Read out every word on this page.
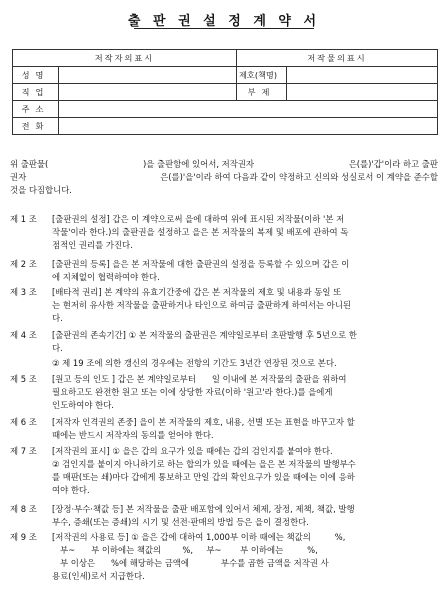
출 판 권 설 정 계 약 서
저작자의표시		저작물의표시	
성명		제호(책명)	
직업		부제	
주소			
전화			
위 출판물(	)을 출판함에 있어서, 저작권자	은(를)'갑'이라 하고 출판
권자	은(를)'을'이라 하여 다음과 같이 약정하고 신의와 성실로서 이 계약을 준수할
것을 다짐합니다.
제 1 조	[출판권의 설정] 갑은 이 계약으로써 을에 대하여 위에 표시된 저작물(이하 '본 저
작물'이라 한다.)의 출판권을 설정하고 을은 본 저작물의 복제 및 배포에 관하여 독
점적인 권리를 가진다.
제 2 조	[출판권의 등록] 을은 본 저작물에 대한 출판권의 설정을 등록할 수 있으며 갑은 이
에 지체없이 협력하여야 한다.
제 3 조	[배타적 권리] 본 계약의 유효기간중에 갑은 본 저작물의 제호 및 내용과 동일 또
는 현저히 유사한 저작물을 출판하거나 타인으로 하여금 출판하게 하여서는 아니된
다.
제 4 조	[출판권의 존속기간] ① 본 저작물의 출판권은 계약일로부터 초판발행 후 5년으로 한
다.
② 제 19 조에 의한 갱신의 경우에는 전항의 기간도 3년간 연장된 것으로 본다.
제 5 조	[원고 등의 인도 ] 갑은 본 계약일로부터      일 이내에 본 저작물의 출판을 위하여
필요하고도 완전한 원고 또는 이에 상당한 자료(이하 '원고'라 한다.)를 을에게
인도하여야 한다.
제 6 조	[저작자 인격권의 존중] 을이 본 저작물의 제호, 내용, 선별 또는 표현을 바꾸고자 할
때에는 반드시 저작자의 동의를 얻어야 한다.
제 7 조	[저작권의 표시] ① 을은 갑의 요구가 있을 때에는 갑의 검인지를 붙여야 한다.
② 검인지를 붙이지 아니하기로 하는 합의가 있을 때에는 을은 본 저작물의 발행부수
를 매판(또는 쇄)마다 갑에게 통보하고 만일 갑의 확인요구가 있을 때에는 이에 응하
여야 한다.
제 8 조	[장정·부수·책값 등] 본 저작물을 출판 배포함에 있어서 체제, 장정, 제책, 책값, 발행
부수, 증쇄(또는 증쇄)의 시기 및 선전·판매의 방법 등은 을이 결정한다.
제 9 조	[저작권의 사용료 등] ① 을은 갑에 대하여 1,000부 이하 때에는 책값의         %,
부~      부 이하에는 책값의        %,     부~       부 이하에는         %,
부 이상은      %에 해당하는 금액에            부수를 곱한 금액을 저작권 사
용료(인세)로서 지급한다.
